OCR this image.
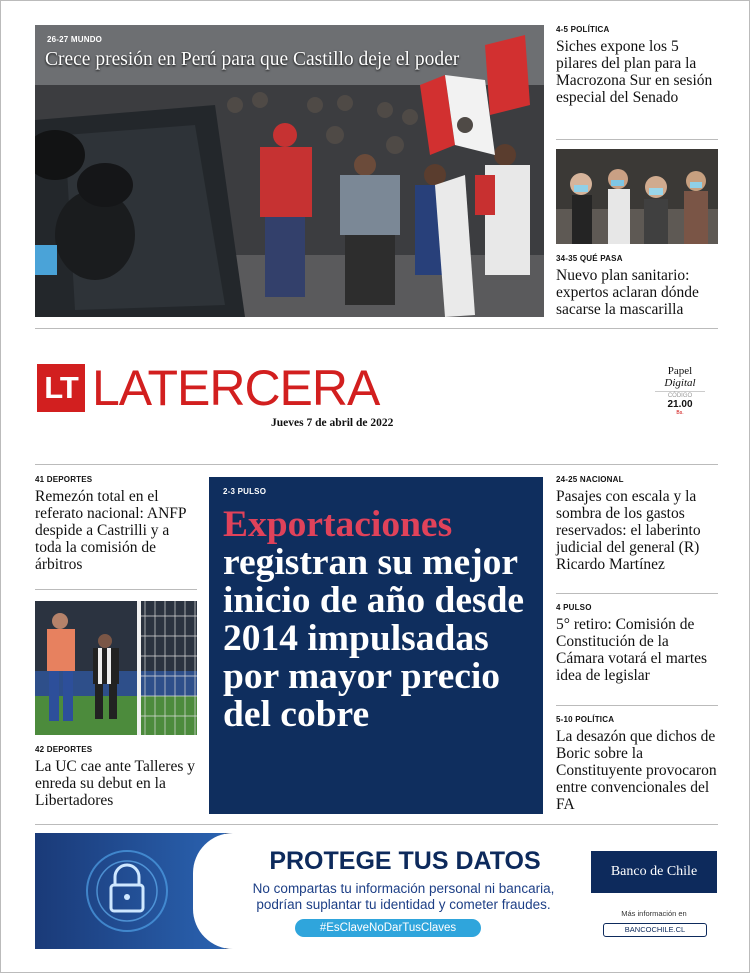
26-27 MUNDO
Crece presión en Perú para que Castillo deje el poder
4-5 POLÍTICA
Siches expone los 5 pilares del plan para la Macrozona Sur en sesión especial del Senado
34-35 QUÉ PASA
Nuevo plan sanitario: expertos aclaran dónde sacarse la mascarilla
LT LATERCERA
Jueves 7 de abril de 2022
Papel
Digital
CÓDIGO
21.00
Bs.
41 DEPORTES
Remezón total en el referato nacional: ANFP despide a Castrilli y a toda la comisión de árbitros
42 DEPORTES
La UC cae ante Talleres y enreda su debut en la Libertadores
2-3 PULSO
Exportaciones
registran su mejor inicio de año desde 2014 impulsadas por mayor precio del cobre
24-25 NACIONAL
Pasajes con escala y la sombra de los gastos reservados: el laberinto judicial del general (R) Ricardo Martínez
4 PULSO
5° retiro: Comisión de Constitución de la Cámara votará el martes idea de legislar
5-10 POLÍTICA
La desazón que dichos de Boric sobre la Constituyente provocaron entre convencionales del FA
PROTEGE TUS DATOS
No compartas tu información personal ni bancaria,
podrían suplantar tu identidad y cometer fraudes.
#EsClaveNoDarTusClaves
Banco de Chile
Más información en
BANCOCHILE.CL
